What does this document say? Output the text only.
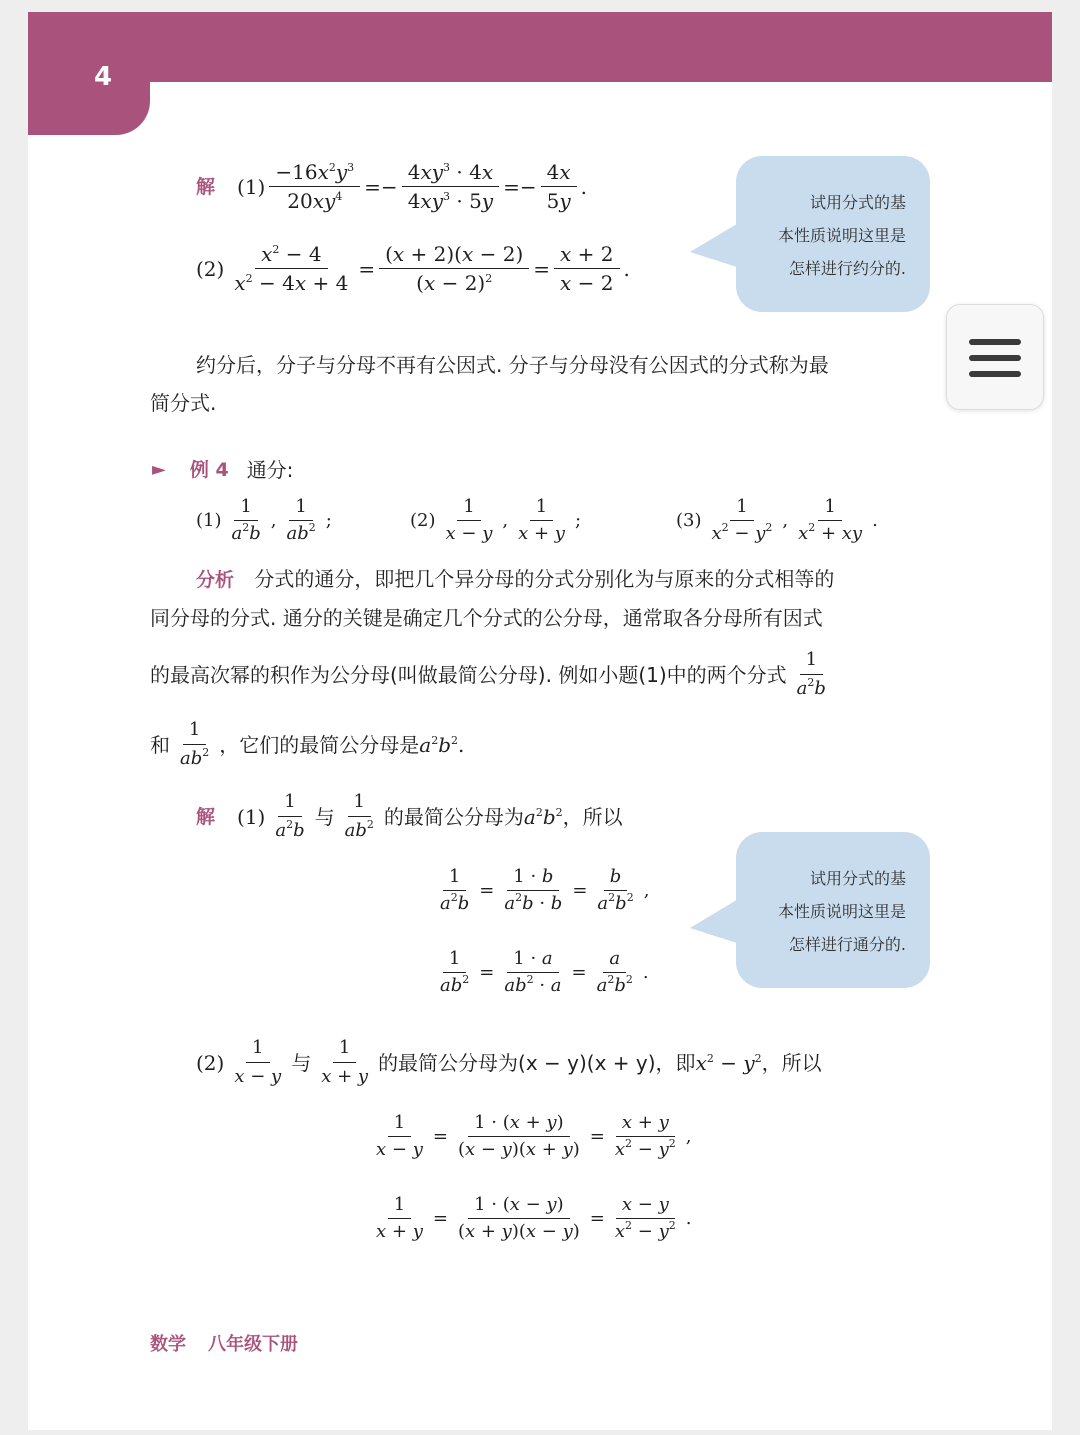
4
解 $(1) \frac{-16x^2y^3}{20xy^4} =- \frac{4xy^3 \cdot 4x}{4xy^3 \cdot 5y} =- \frac{4x}{5y}$ .
$(2) \frac{x^2 - 4}{x^2 - 4x + 4} = \frac{(x + 2)(x - 2)}{(x - 2)^2} = \frac{x + 2}{x - 2}$ .

试用分式的基

本性质说明这里是

怎样进行约分的.

约分后，分子与分母不再有公因式. 分子与分母没有公因式的分式称为最
简分式.
► 例 4 通分:
(1)
1
$a^2b$
,
1
$ab^2$ ;	(2)
1
x − y
,
1
x + y
;	(3)
1
$x^2 - y^2$ ,
1
$x^2$ + xy
.
分析 分式的通分，即把几个异分母的分式分别化为与原来的分式相等的
同分母的分式. 通分的关键是确定几个分式的公分母，通常取各分母所有因式
的最高次幂的积作为公分母(叫做最简公分母). 例如小题(1)中的两个分式
1
$a^2b$
和
1
$ab^2$ ，它们的最简公分母是 $a^2b^2$.
解 (1)
1
$a^2b$
与
1
$ab^2$ 的最简公分母为 $a^2b^2$ ，所以
$\frac{1}{a^2b} = \frac{1 \cdot b}{a^2b \cdot b} = \frac{b}{a^2b^2}$ ,
$\frac{1}{ab^2} = \frac{1 \cdot a}{ab^2 \cdot a} = \frac{a}{a^2b^2}$ .

试用分式的基

本性质说明这里是

怎样进行通分的.

(2)
1
x − y
与
1
x + y
的最简公分母为(x − y)(x + y)，即 $x^2 - y^2$ ，所以
$\frac{1}{x - y} = \frac{1 \cdot (x + y)}{(x - y)(x + y)} = \frac{x + y}{x^2 - y^2}$ ,
$\frac{1}{x + y} = \frac{1 \cdot (x - y)}{(x + y)(x - y)} = \frac{x - y}{x^2 - y^2}$ .
数学 八年级下册
